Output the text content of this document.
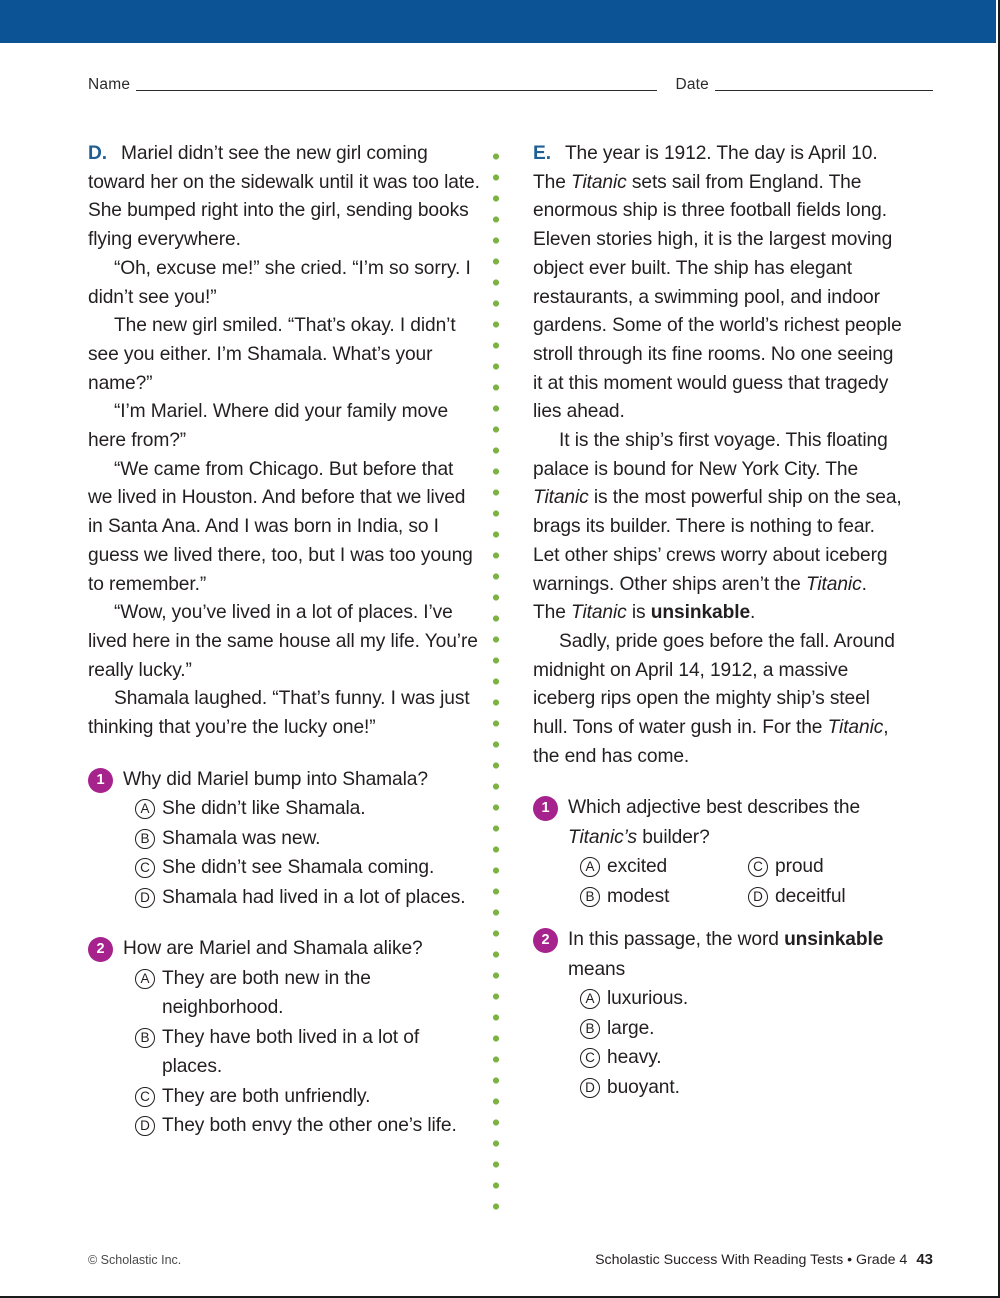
Name	Date

D. Mariel didn’t see the new girl coming toward her on the sidewalk until it was too late. She bumped right into the girl, sending books flying everywhere.

“Oh, excuse me!” she cried. “I’m so sorry. I didn’t see you!”

The new girl smiled. “That’s okay. I didn’t see you either. I’m Shamala. What’s your name?”

“I’m Mariel. Where did your family move here from?”

“We came from Chicago. But before that we lived in Houston. And before that we lived in Santa Ana. And I was born in India, so I guess we lived there, too, but I was too young to remember.”

“Wow, you’ve lived in a lot of places. I’ve lived here in the same house all my life. You’re really lucky.”

Shamala laughed. “That’s funny. I was just thinking that you’re the lucky one!”

1 Why did Mariel bump into Shamala?
A She didn’t like Shamala.
B Shamala was new.
C She didn’t see Shamala coming.
D Shamala had lived in a lot of places.
2 How are Mariel and Shamala alike?
A They are both new in the neighborhood.
B They have both lived in a lot of places.
C They are both unfriendly.
D They both envy the other one’s life.

E. The year is 1912. The day is April 10. The Titanic sets sail from England. The enormous ship is three football fields long. Eleven stories high, it is the largest moving object ever built. The ship has elegant restaurants, a swimming pool, and indoor gardens. Some of the world’s richest people stroll through its fine rooms. No one seeing it at this moment would guess that tragedy lies ahead.

It is the ship’s first voyage. This floating palace is bound for New York City. The Titanic is the most powerful ship on the sea, brags its builder. There is nothing to fear. Let other ships’ crews worry about iceberg warnings. Other ships aren’t the Titanic. The Titanic is unsinkable.

Sadly, pride goes before the fall. Around midnight on April 14, 1912, a massive iceberg rips open the mighty ship’s steel hull. Tons of water gush in. For the Titanic, the end has come.

1 Which adjective best describes the Titanic’s builder?
A excited	C proud
B modest	D deceitful
2 In this passage, the word unsinkable means
A luxurious.
B large.
C heavy.
D buoyant.
© Scholastic Inc.	Scholastic Success With Reading Tests • Grade 4 43
